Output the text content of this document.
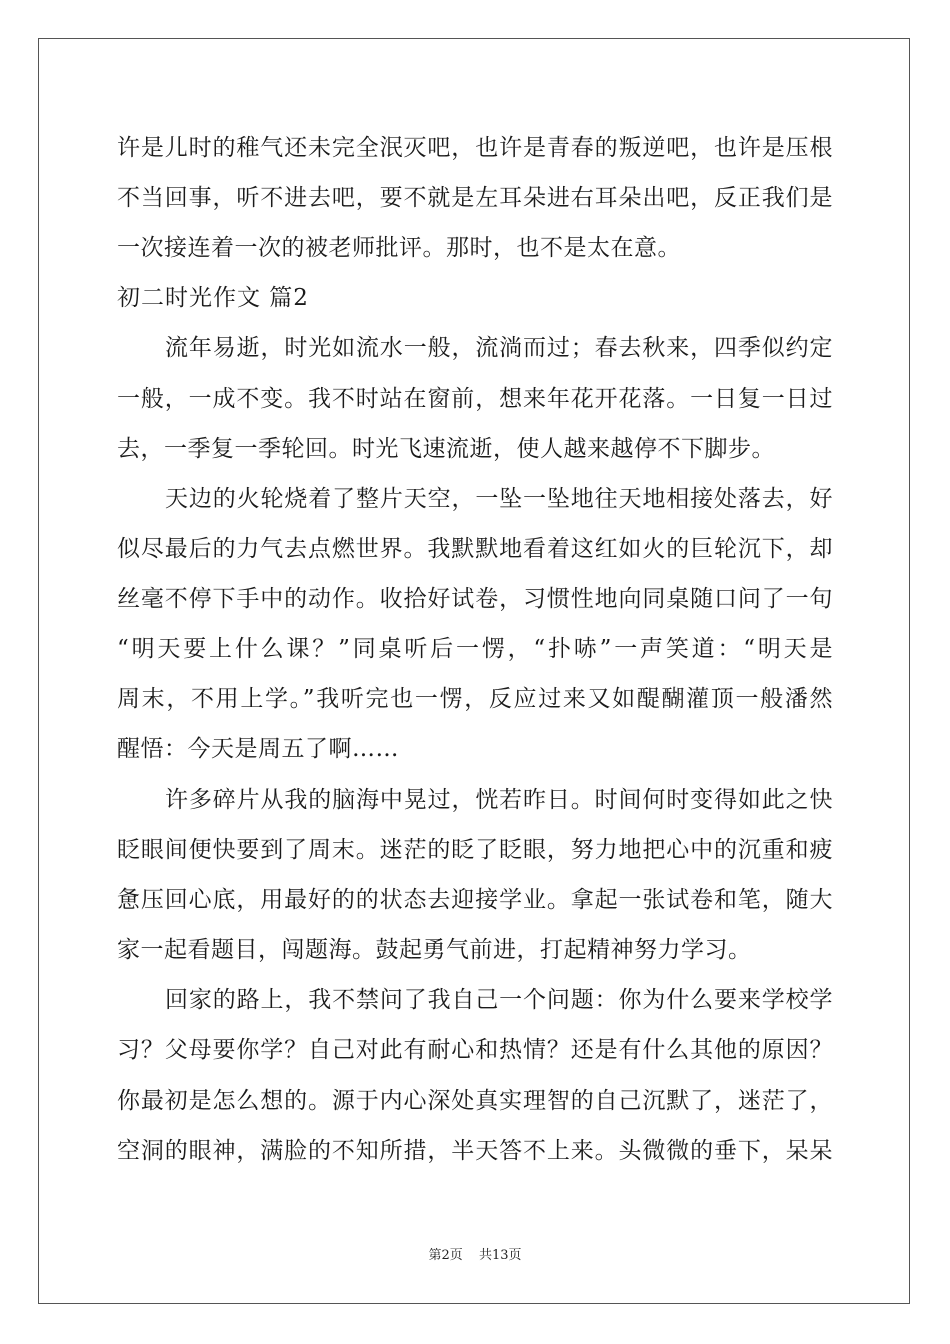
许是儿时的稚气还未完全泯灭吧，也许是青春的叛逆吧，也许是压根
不当回事，听不进去吧，要不就是左耳朵进右耳朵出吧，反正我们是
一次接连着一次的被老师批评。那时，也不是太在意。
初二时光作文 篇2
流年易逝，时光如流水一般，流淌而过；春去秋来，四季似约定
一般，一成不变。我不时站在窗前，想来年花开花落。一日复一日过
去，一季复一季轮回。时光飞速流逝，使人越来越停不下脚步。
天边的火轮烧着了整片天空，一坠一坠地往天地相接处落去，好
似尽最后的力气去点燃世界。我默默地看着这红如火的巨轮沉下，却
丝毫不停下手中的动作。收拾好试卷，习惯性地向同桌随口问了一句
“明天要上什么课？”同桌听后一愣，“扑哧”一声笑道：“明天是
周末，不用上学。”我听完也一愣，反应过来又如醍醐灌顶一般潘然
醒悟：今天是周五了啊……
许多碎片从我的脑海中晃过，恍若昨日。时间何时变得如此之快
眨眼间便快要到了周末。迷茫的眨了眨眼，努力地把心中的沉重和疲
惫压回心底，用最好的的状态去迎接学业。拿起一张试卷和笔，随大
家一起看题目，闯题海。鼓起勇气前进，打起精神努力学习。
回家的路上，我不禁问了我自己一个问题：你为什么要来学校学
习？父母要你学？自己对此有耐心和热情？还是有什么其他的原因？
你最初是怎么想的。源于内心深处真实理智的自己沉默了，迷茫了，
空洞的眼神，满脸的不知所措，半天答不上来。头微微的垂下，呆呆
第2页 共13页
